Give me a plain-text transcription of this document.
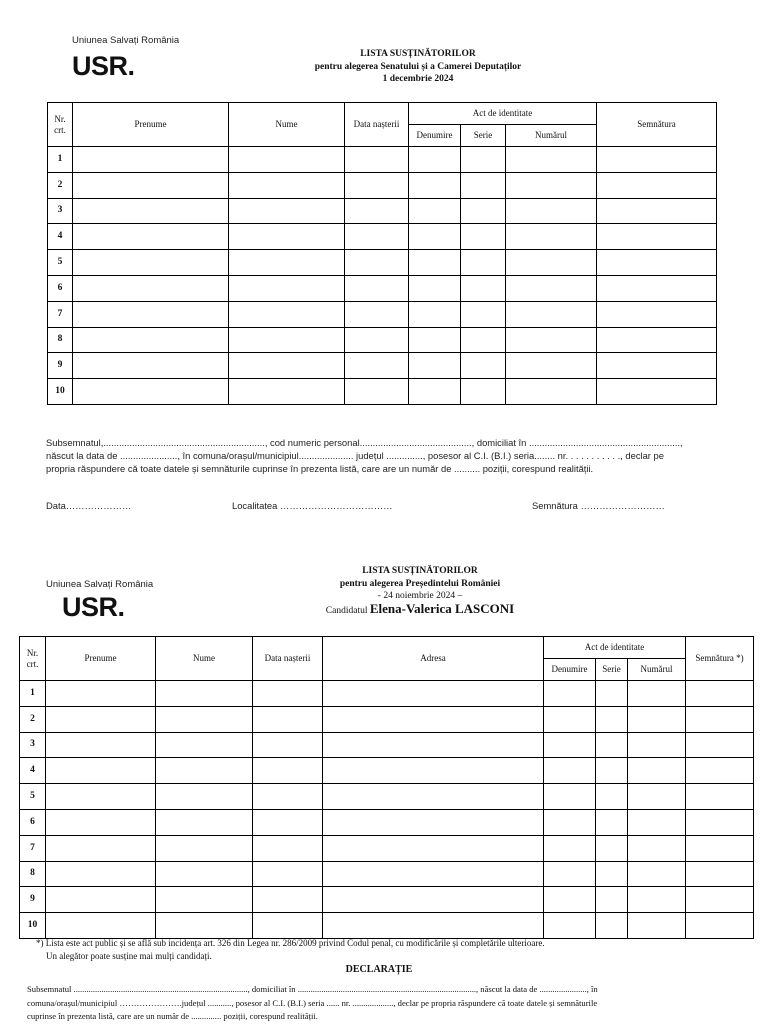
Uniunea Salvați România
USR.	LISTA SUSȚINĂTORILOR
pentru alegerea Senatului și a Camerei Deputaților
1 decembrie 2024
Nr. crt.	Prenume	Nume	Data nașterii	Act de identitate			Semnătura
				Denumire	Serie	Numărul	
1							
2							
3							
4							
5							
6							
7							
8							
9							
10							
Subsemnatul,.............................................................., cod numeric personal..........................................., domiciliat în ..........................................................,
născut la data de ......................, în comuna/orașul/municipiul..................... județul .............., posesor al C.I. (B.I.) seria........ nr. . . . . . . . . . ., declar pe
propria răspundere că toate datele și semnăturile cuprinse în prezenta listă, care are un număr de .......... poziții, corespund realității.
Data…………………	Localitatea ………………………………	Semnătura ………………………
Uniunea Salvați România
USR.
LISTA SUSȚINĂTORILOR
pentru alegerea Președintelui României
- 24 noiembrie 2024 –
Candidatul Elena-Valerica LASCONI
Nr. crt.	Prenume	Nume	Data nașterii	Adresa	Act de identitate			Semnătura *)
					Denumire	Serie	Numărul	
1								
2								
3								
4								
5								
6								
7								
8								
9								
10								
*) Lista este act public și se află sub incidența art. 326 din Legea nr. 286/2009 privind Codul penal, cu modificările și completările ulterioare.
Un alegător poate susține mai mulți candidați.
DECLARAȚIE
Subsemnatul ................................................................................., domiciliat în ..................................................................................., născut la data de ......................, în
comuna/orașul/municipiul ………………….județul ..........., posesor al C.I. (B.I.) seria ...... nr. ..................., declar pe propria răspundere că toate datele și semnăturile
cuprinse în prezenta listă, care are un număr de .............. poziții, corespund realității.
